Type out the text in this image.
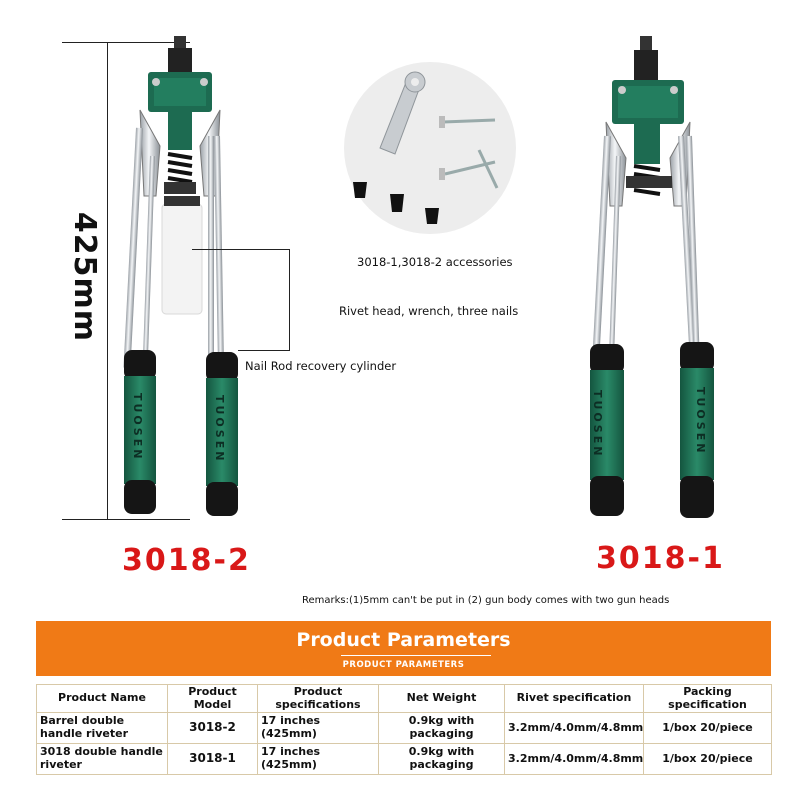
425mm
TUOSEN	TUOSEN
Nail Rod recovery cylinder
3018-2
3018-1,3018-2 accessories
Rivet head, wrench, three nails
TUOSEN	TUOSEN
3018-1
Remarks:(1)5mm can't be put in (2) gun body comes with two gun heads
Product Parameters
PRODUCT PARAMETERS
Product Name	Product Model	Product specifications	Net Weight	Rivet specification	Packing specification
Barrel double handle riveter	3018-2	17 inches (425mm)	0.9kg with packaging	3.2mm/4.0mm/4.8mm	1/box 20/piece
3018 double handle riveter	3018-1	17 inches (425mm)	0.9kg with packaging	3.2mm/4.0mm/4.8mm	1/box 20/piece
